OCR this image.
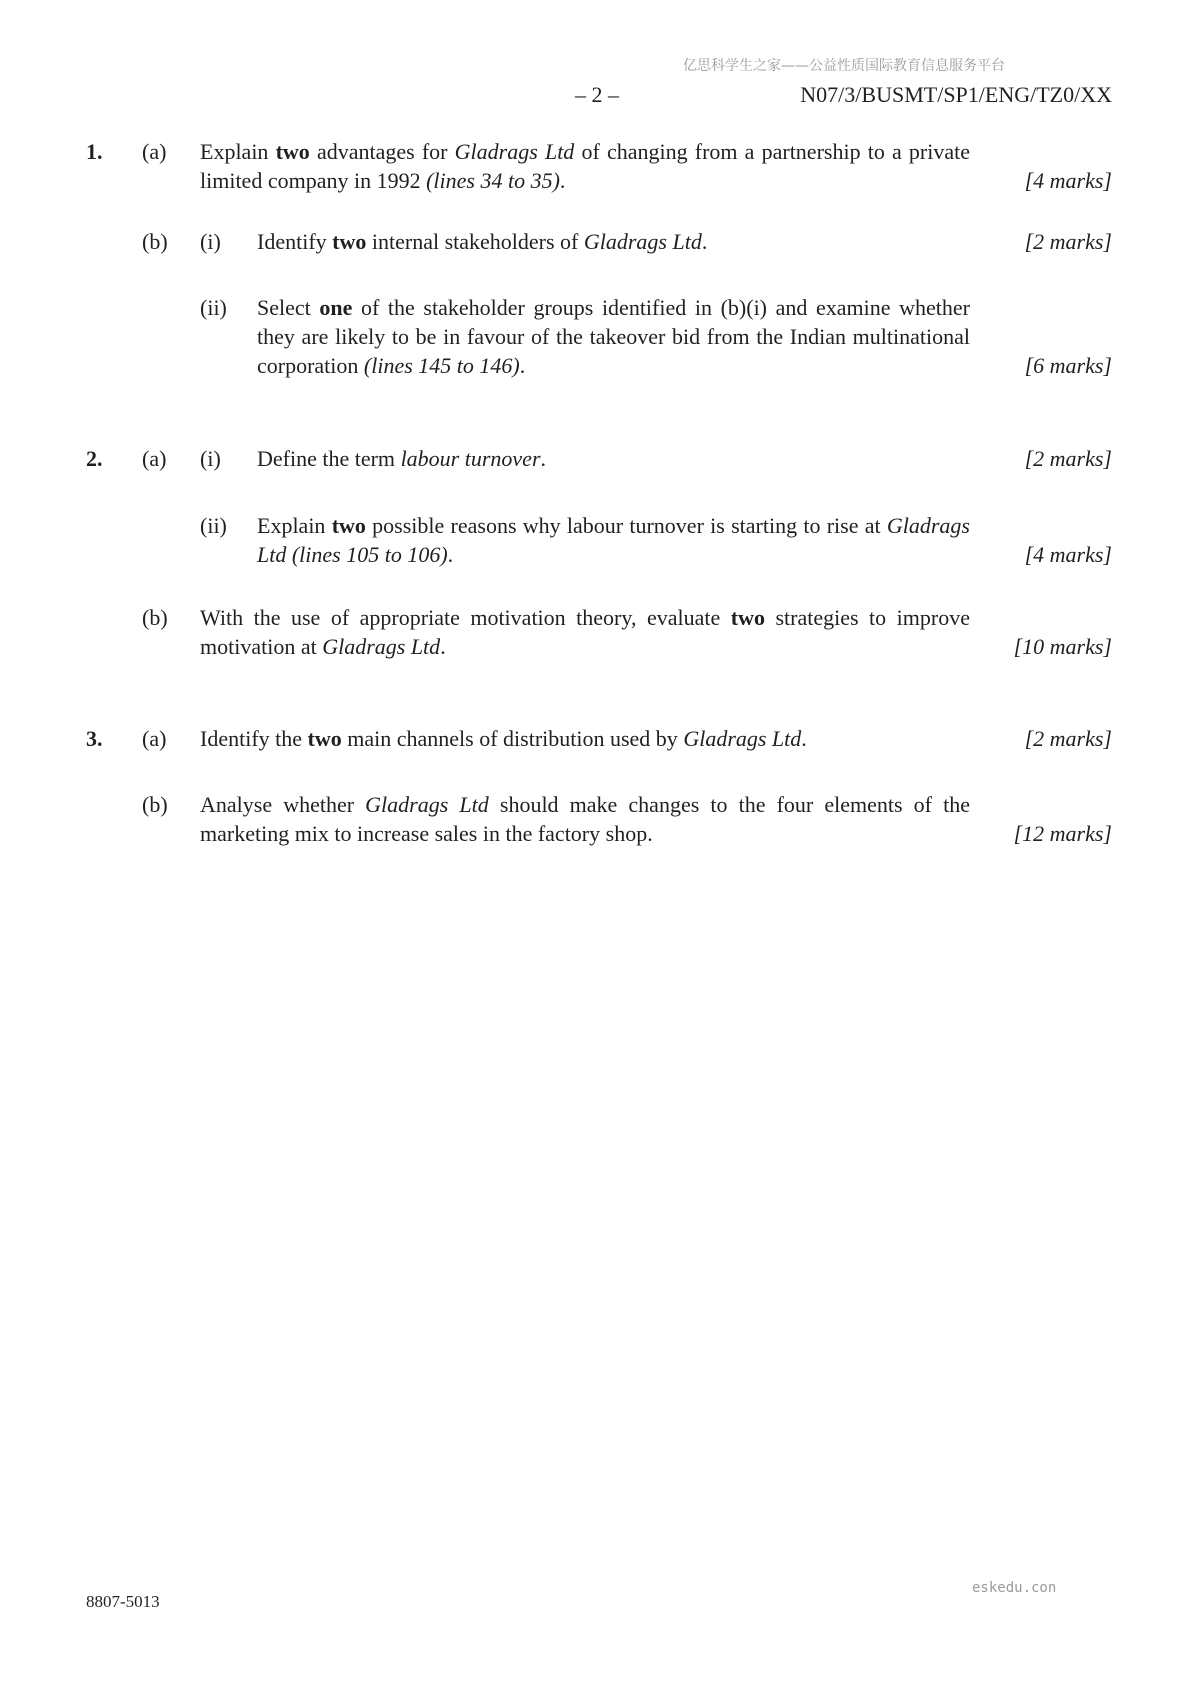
亿思科学生之家——公益性质国际教育信息服务平台
– 2 –	N07/3/BUSMT/SP1/ENG/TZ0/XX
1. (a) Explain two advantages for Gladrags Ltd of changing from a partnership to a private limited company in 1992 (lines 34 to 35).	[4 marks]
(b) (i) Identify two internal stakeholders of Gladrags Ltd.	[2 marks]
(ii) Select one of the stakeholder groups identified in (b)(i) and examine whether they are likely to be in favour of the takeover bid from the Indian multinational corporation (lines 145 to 146).	[6 marks]
2. (a) (i) Define the term labour turnover.	[2 marks]
(ii) Explain two possible reasons why labour turnover is starting to rise at Gladrags Ltd (lines 105 to 106).	[4 marks]
(b) With the use of appropriate motivation theory, evaluate two strategies to improve motivation at Gladrags Ltd.	[10 marks]
3. (a) Identify the two main channels of distribution used by Gladrags Ltd.	[2 marks]
(b) Analyse whether Gladrags Ltd should make changes to the four elements of the marketing mix to increase sales in the factory shop.	[12 marks]
8807-5013
eskedu.con
